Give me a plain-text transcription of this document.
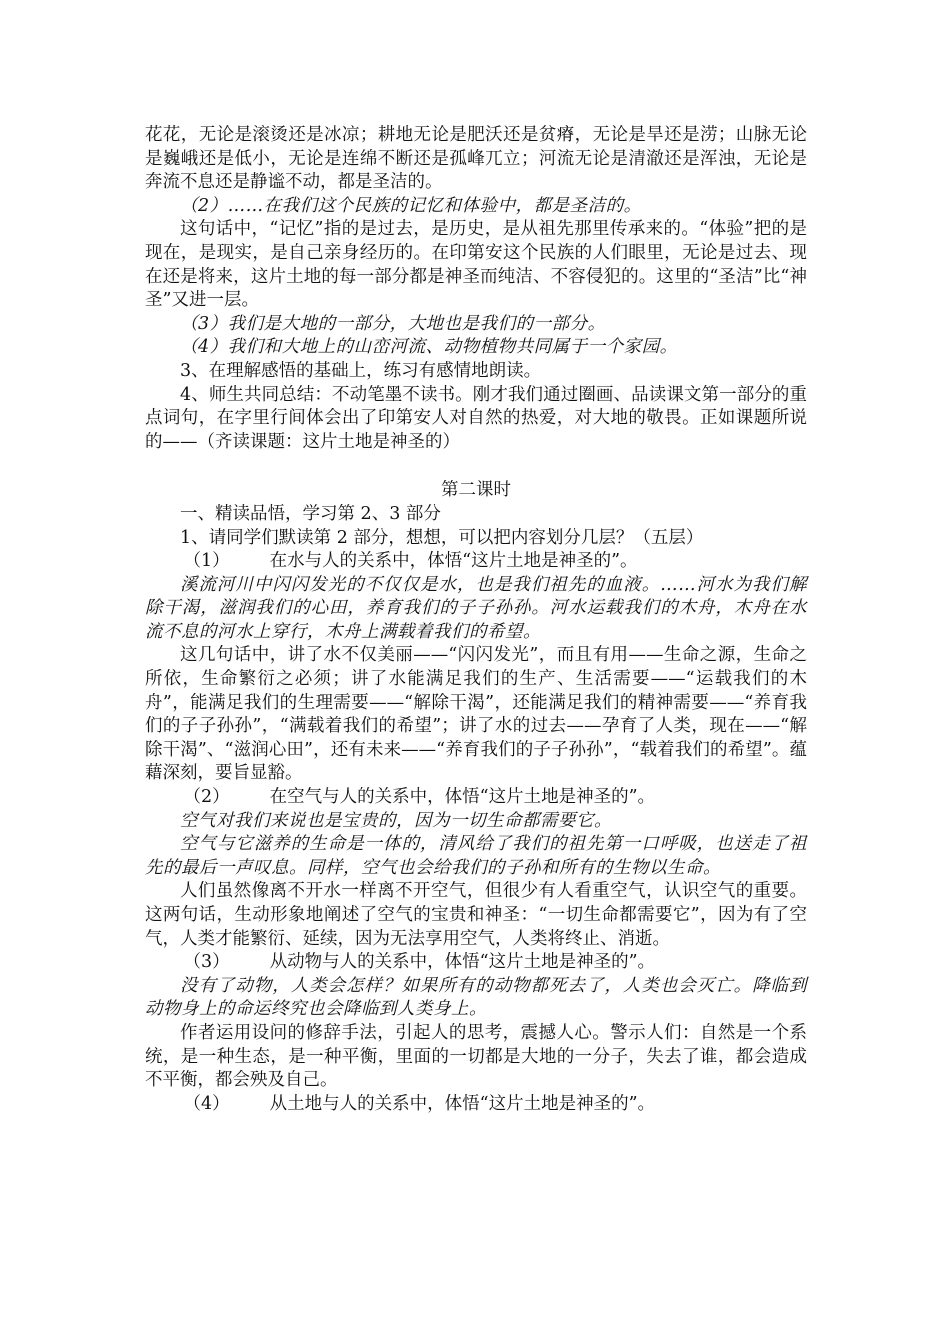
花花，无论是滚烫还是冰凉；耕地无论是肥沃还是贫瘠，无论是旱还是涝；山脉无论是巍峨还是低小，无论是连绵不断还是孤峰兀立；河流无论是清澈还是浑浊，无论是奔流不息还是静谧不动，都是圣洁的。

（2）……在我们这个民族的记忆和体验中，都是圣洁的。

这句话中，“记忆”指的是过去，是历史，是从祖先那里传承来的。“体验”把的是现在，是现实，是自己亲身经历的。在印第安这个民族的人们眼里，无论是过去、现在还是将来，这片土地的每一部分都是神圣而纯洁、不容侵犯的。这里的“圣洁”比“神圣”又进一层。

（3）我们是大地的一部分，大地也是我们的一部分。

（4）我们和大地上的山峦河流、动物植物共同属于一个家园。

3、在理解感悟的基础上，练习有感情地朗读。

4、师生共同总结：不动笔墨不读书。刚才我们通过圈画、品读课文第一部分的重点词句，在字里行间体会出了印第安人对自然的热爱，对大地的敬畏。正如课题所说的——（齐读课题：这片土地是神圣的）

第二课时

一、精读品悟，学习第 2、3 部分

1、请同学们默读第 2 部分，想想，可以把内容划分几层？（五层）

（1） 在水与人的关系中，体悟“这片土地是神圣的”。

溪流河川中闪闪发光的不仅仅是水，也是我们祖先的血液。……河水为我们解除干渴，滋润我们的心田，养育我们的子子孙孙。河水运载我们的木舟，木舟在水流不息的河水上穿行，木舟上满载着我们的希望。

这几句话中，讲了水不仅美丽——“闪闪发光”，而且有用——生命之源，生命之所依，生命繁衍之必须；讲了水能满足我们的生产、生活需要——“运载我们的木舟”，能满足我们的生理需要——“解除干渴”，还能满足我们的精神需要——“养育我们的子子孙孙”，“满载着我们的希望”；讲了水的过去——孕育了人类，现在——“解除干渴”、“滋润心田”，还有未来——“养育我们的子子孙孙”，“载着我们的希望”。蕴藉深刻，要旨显豁。

（2） 在空气与人的关系中，体悟“这片土地是神圣的”。

空气对我们来说也是宝贵的，因为一切生命都需要它。

空气与它滋养的生命是一体的，清风给了我们的祖先第一口呼吸，也送走了祖先的最后一声叹息。同样，空气也会给我们的子孙和所有的生物以生命。

人们虽然像离不开水一样离不开空气，但很少有人看重空气，认识空气的重要。这两句话，生动形象地阐述了空气的宝贵和神圣：“一切生命都需要它”，因为有了空气，人类才能繁衍、延续，因为无法享用空气，人类将终止、消逝。

（3） 从动物与人的关系中，体悟“这片土地是神圣的”。

没有了动物，人类会怎样？如果所有的动物都死去了，人类也会灭亡。降临到动物身上的命运终究也会降临到人类身上。

作者运用设问的修辞手法，引起人的思考，震撼人心。警示人们：自然是一个系统，是一种生态，是一种平衡，里面的一切都是大地的一分子，失去了谁，都会造成不平衡，都会殃及自己。

（4） 从土地与人的关系中，体悟“这片土地是神圣的”。
